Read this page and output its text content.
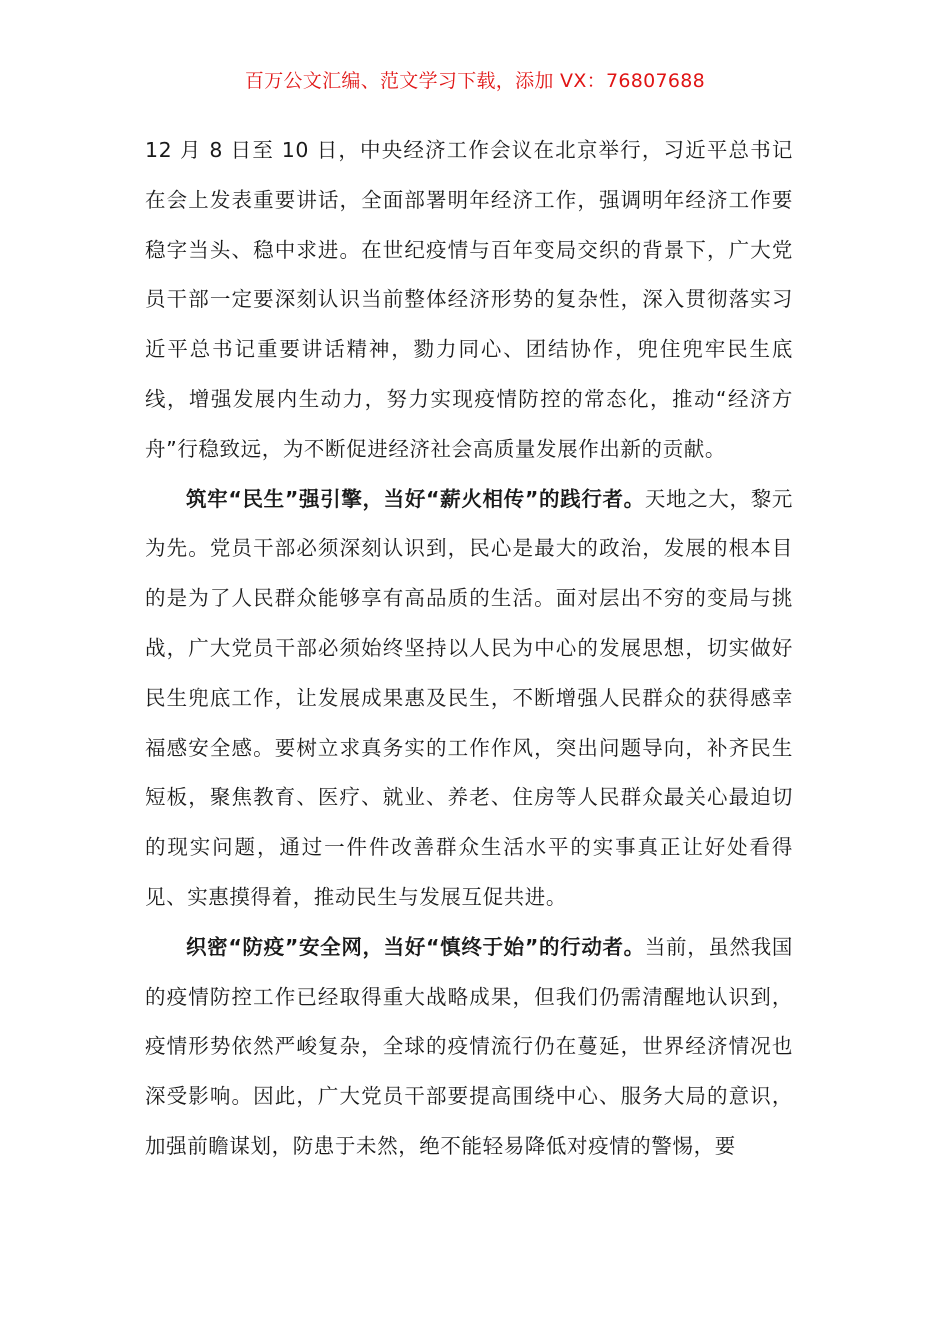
百万公文汇编、范文学习下载，添加 VX：76807688

12 月 8 日至 10 日，中央经济工作会议在北京举行，习近平总书记在会上发表重要讲话，全面部署明年经济工作，强调明年经济工作要稳字当头、稳中求进。在世纪疫情与百年变局交织的背景下，广大党员干部一定要深刻认识当前整体经济形势的复杂性，深入贯彻落实习近平总书记重要讲话精神，勠力同心、团结协作，兜住兜牢民生底线，增强发展内生动力，努力实现疫情防控的常态化，推动“经济方舟”行稳致远，为不断促进经济社会高质量发展作出新的贡献。

筑牢“民生”强引擎，当好“薪火相传”的践行者。天地之大，黎元为先。党员干部必须深刻认识到，民心是最大的政治，发展的根本目的是为了人民群众能够享有高品质的生活。面对层出不穷的变局与挑战，广大党员干部必须始终坚持以人民为中心的发展思想，切实做好民生兜底工作，让发展成果惠及民生，不断增强人民群众的获得感幸福感安全感。要树立求真务实的工作作风，突出问题导向，补齐民生短板，聚焦教育、医疗、就业、养老、住房等人民群众最关心最迫切的现实问题，通过一件件改善群众生活水平的实事真正让好处看得见、实惠摸得着，推动民生与发展互促共进。

织密“防疫”安全网，当好“慎终于始”的行动者。当前，虽然我国的疫情防控工作已经取得重大战略成果，但我们仍需清醒地认识到，疫情形势依然严峻复杂，全球的疫情流行仍在蔓延，世界经济情况也深受影响。因此，广大党员干部要提高围绕中心、服务大局的意识，加强前瞻谋划，防患于未然，绝不能轻易降低对疫情的警惕，要
